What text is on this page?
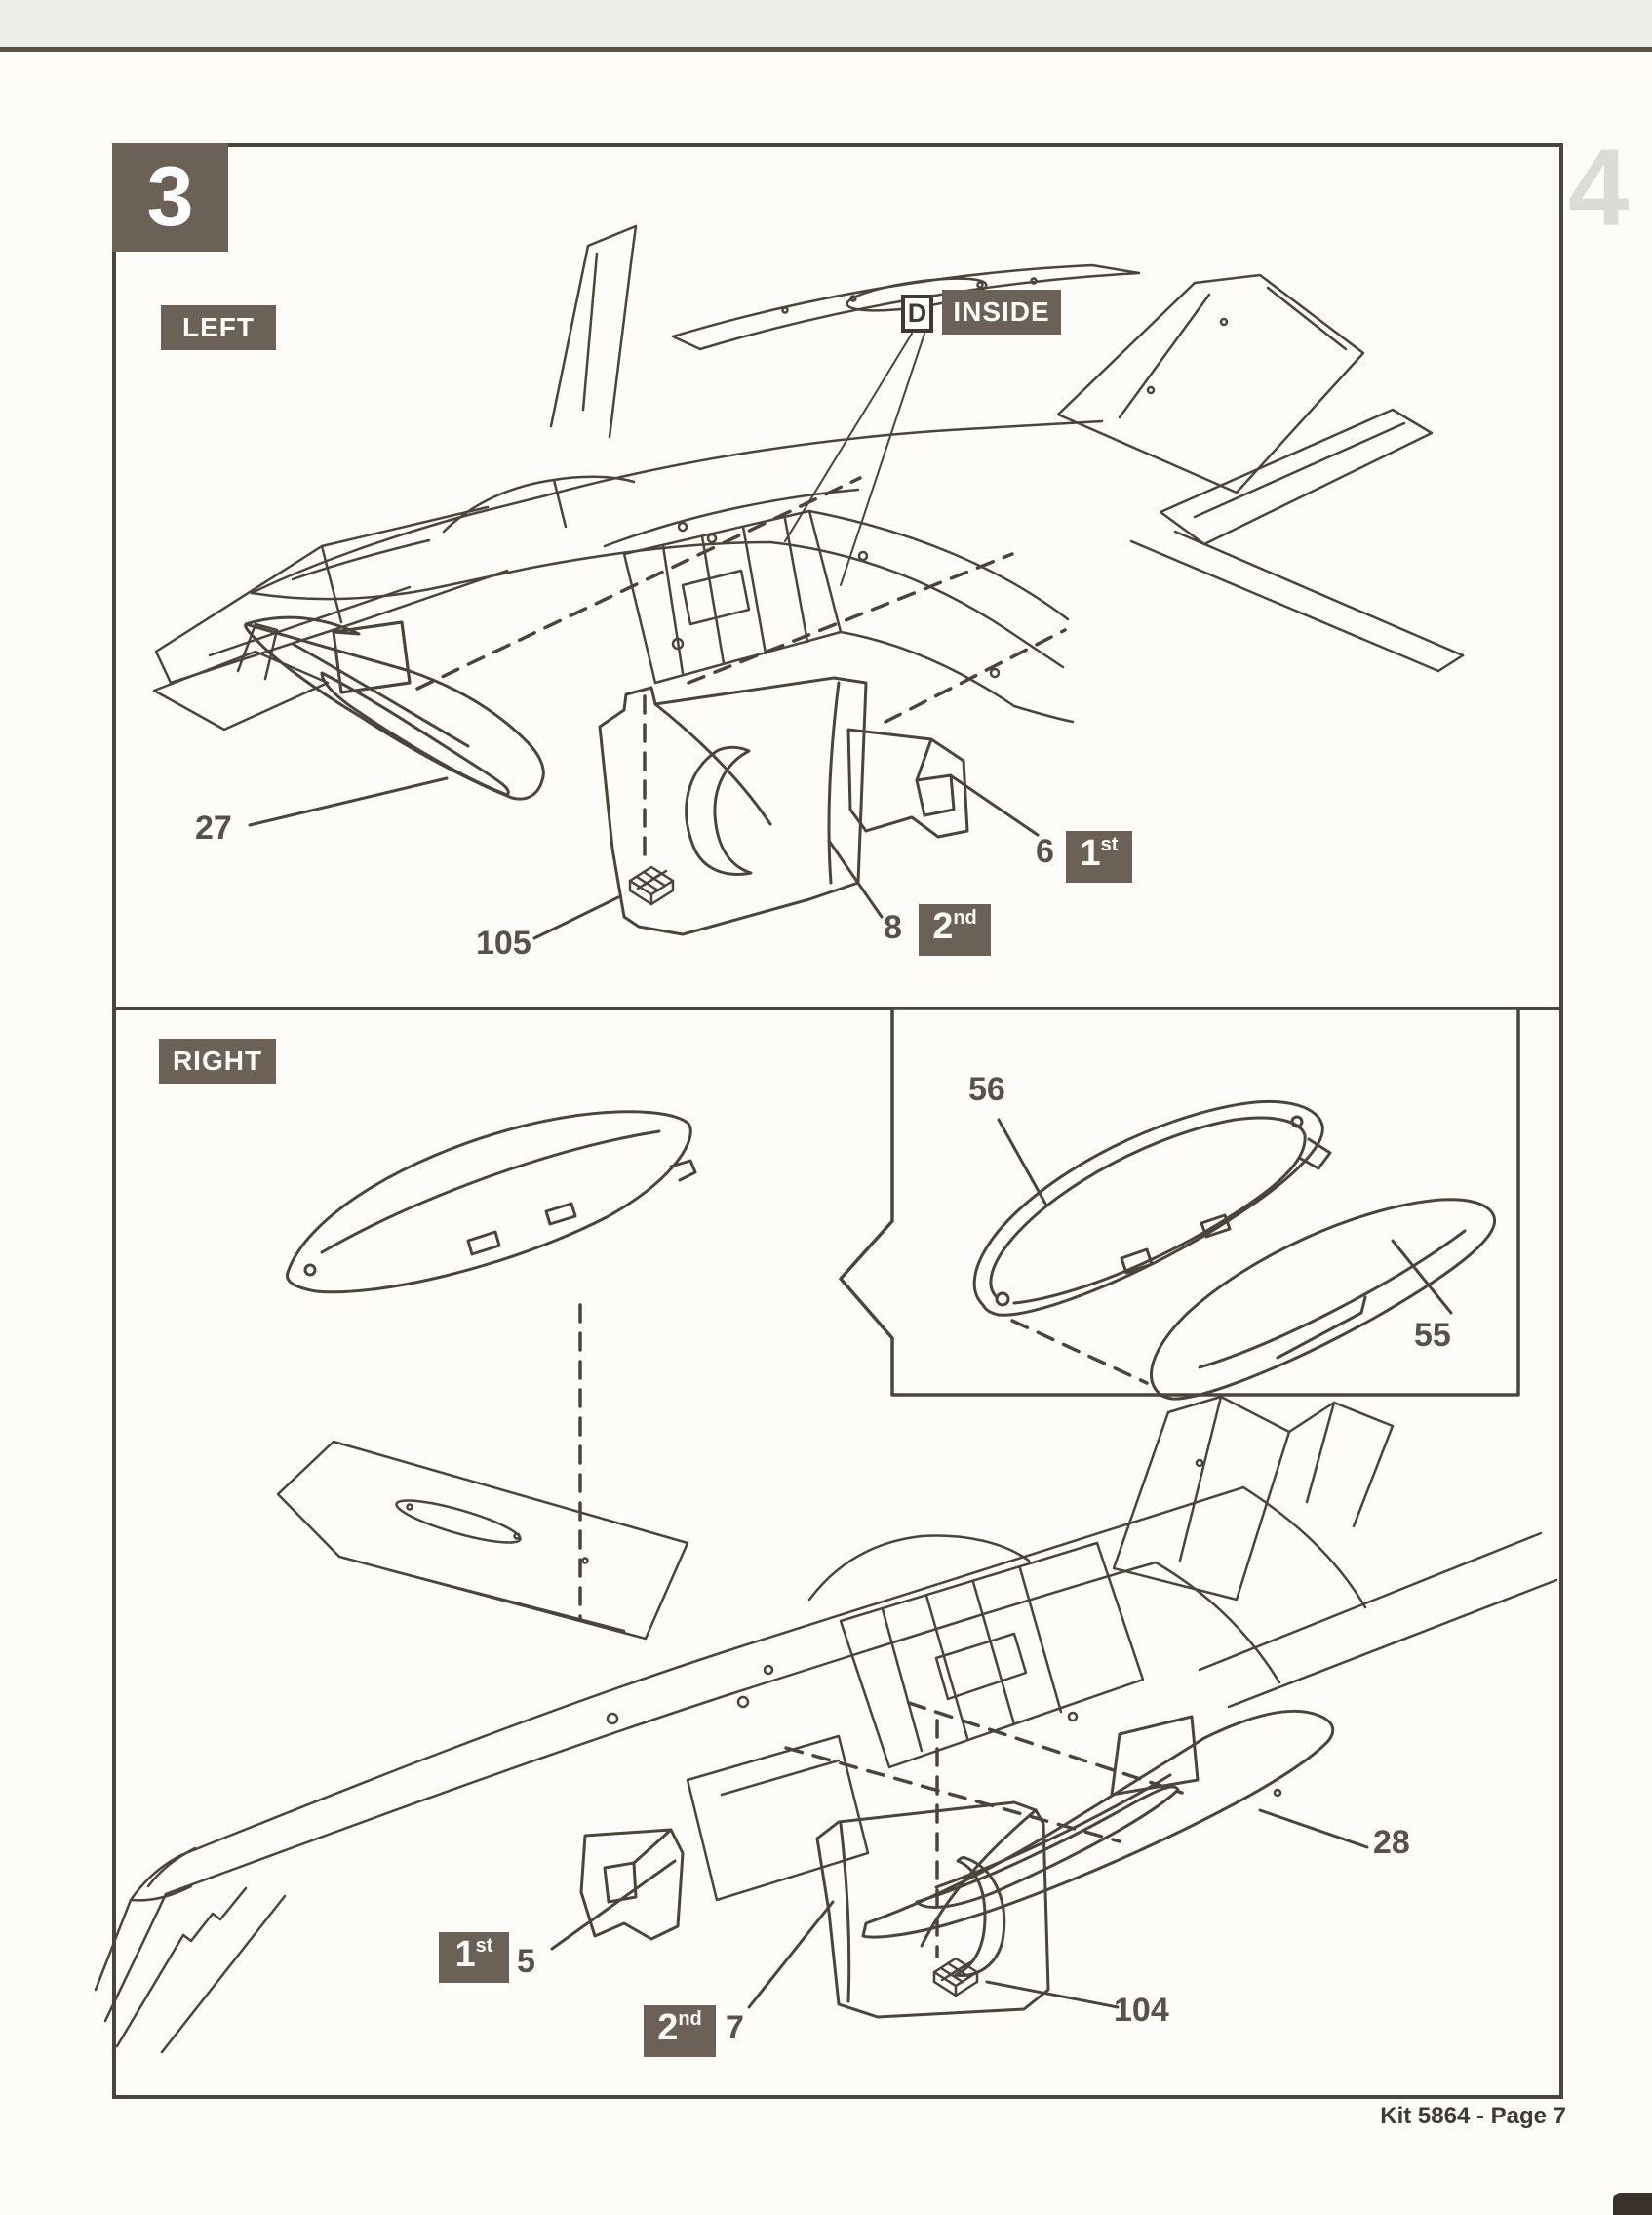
4
3
LEFT
RIGHT
D INSIDE
27
105	8
6
56
55
5
7	104
28
1 st
2 nd
1 st
2 nd
Kit 5864 - Page 7
